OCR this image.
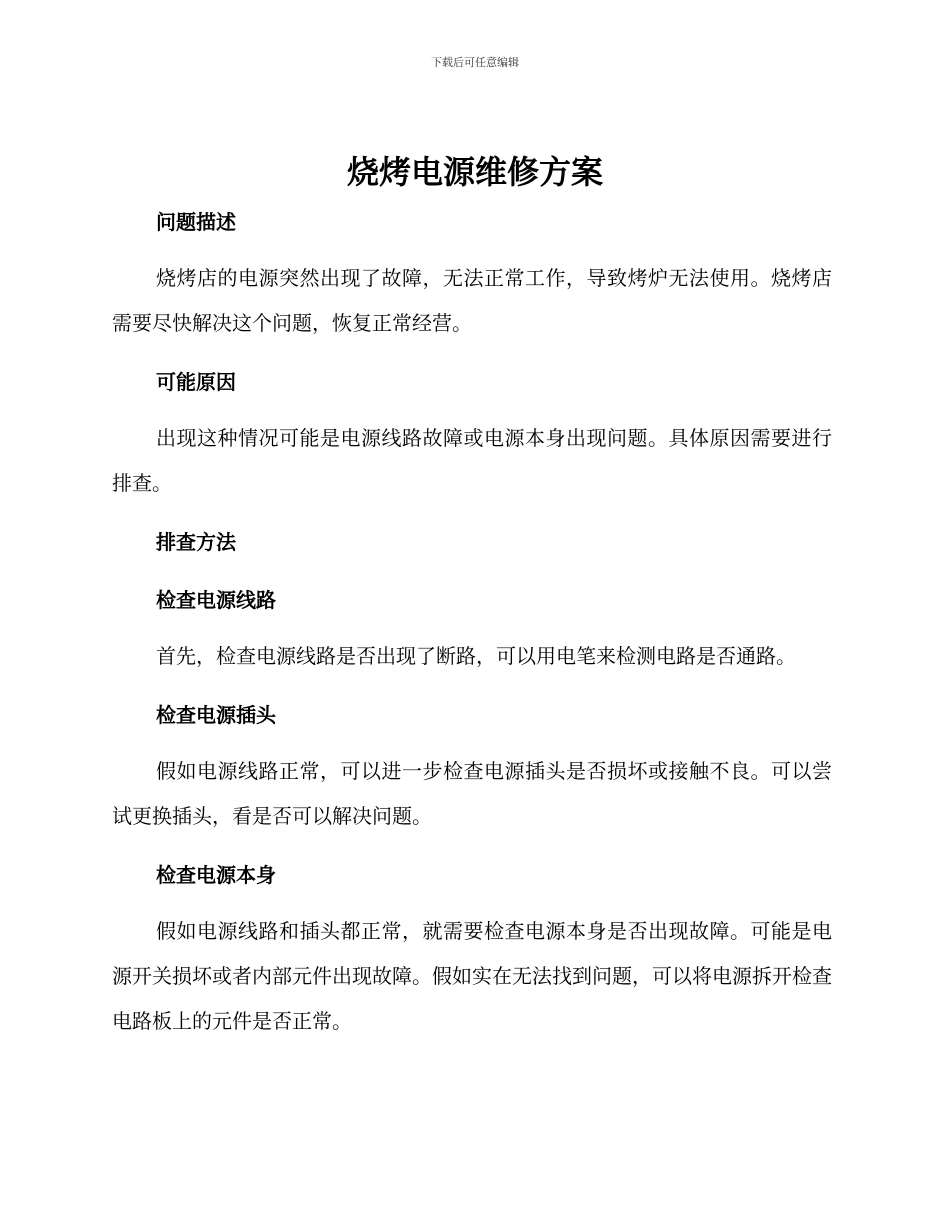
下载后可任意编辑
烧烤电源维修方案
问题描述

烧烤店的电源突然出现了故障，无法正常工作，导致烤炉无法使用。烧烤店需要尽快解决这个问题，恢复正常经营。

可能原因

出现这种情况可能是电源线路故障或电源本身出现问题。具体原因需要进行排查。

排查方法
检查电源线路

首先，检查电源线路是否出现了断路，可以用电笔来检测电路是否通路。

检查电源插头

假如电源线路正常，可以进一步检查电源插头是否损坏或接触不良。可以尝试更换插头，看是否可以解决问题。

检查电源本身

假如电源线路和插头都正常，就需要检查电源本身是否出现故障。可能是电源开关损坏或者内部元件出现故障。假如实在无法找到问题，可以将电源拆开检查电路板上的元件是否正常。
